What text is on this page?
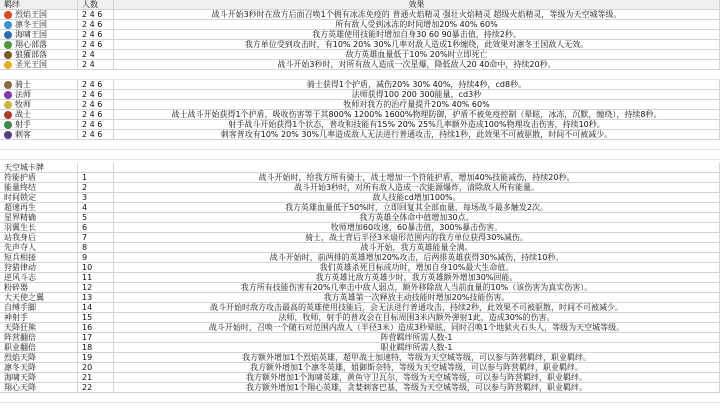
羁绊	人数	效果
烈焰王国	2 4 6	战斗开始3秒时在敌方后面召唤1个拥有冰冻免疫的 普通火焰精灵 强壮火焰精灵 超级火焰精灵，等级为天空城等级。
凛冬王国	2 4 6	所有敌人受到冰冻的时间增加20% 40% 60%
海啸王国	2 4 6	我方英雄使用技能时增加自身30 60 90暴击值，持续2秒。
翔心部落	2 4 6	我方单位受到攻击时，有10% 20% 30%几率对敌人造成1秒缠绕，此效果对凛冬王国敌人无效。
狼獾部落	2 4	敌方英雄血量低于10% 20%时立即死亡
圣光王国	2 4	战斗开始3秒时，对所有敌人造成一次星爆，降低敌人20 40命中，持续20秒。
骑士	2 4 6	骑士获得1个护盾，减伤20% 30% 40%，持续4秒，cd8秒。
法师	2 4 6	法师获得100 200 300能量，cd3秒
牧师	2 4 6	牧师对我方的治疗量提升20% 40% 60%
战士	2 4 6	战士战斗开始获得1个护盾，吸收伤害等于其800% 1200% 1600%物理防御，护盾不被免疫控制（晕眩，冰冻，沉默，缠绕），持续8秒。
射手	2 4 6	射手战斗开始获得1个状态，普攻和技能有15% 20% 25%几率额外造成100%物理攻击伤害，持续10秒。
刺客	2 4 6	刺客普攻有10% 20% 30%几率造成敌人无法进行普通攻击，持续1秒，此效果不可被驱散，时间不可被减少。
天空城卡牌
符能护盾	1	战斗开始时，给我方所有骑士，战士增加一个符能护盾，增加40%技能减伤，持续20秒。
能量终结	2	战斗开始3秒时，对所有敌人造成一次能源爆炸，清除敌人所有能量。
时间锁定	3	敌人技能cd增加100%。
超速再生	4	我方英雄血量低于50%时，立即回复其全部血量，每场战斗最多触发2次。
星界精确	5	我方英雄全体命中值增加30点。
羽翼生长	6	牧师增加60攻速，60暴击值，300%暴击伤害。
站我身后	7	骑士，战士背后半径3米扇形范围内的我方单位获得30%减伤。
先声夺人	8	战斗开始，我方英雄能量全满。
短兵相接	9	战斗开始时，前两排的英雄增加20%攻击，后两排英雄获得30%减伤，持续10秒。
狩猎律动	10	我们英雄杀死目标成功时，增加自身10%最大生命值。
逆风斗志	11	我方英雄比敌方英雄少时，我方英雄额外增加30%回能。
粉碎器	12	我方所有技能伤害有20%几率击中敌人弱点，额外移除敌人当前血量的10%（该伤害为真实伤害）。
大天使之翼	13	我方英雄第一次释放主动技能时增加20%技能伤害。
自缚手脚	14	战斗开始时敌方攻击最高的英雄使用技能后，会无法进行普通攻击，持续2秒，此效果不可被驱散，时间不可被减少。
神射手	15	法师，牧师，射手的普攻会在目标周围3米内额外弹射1此，造成30%的伤害。
天降狂熊	16	战斗开始时，召唤一个随石对范围内敌人（半径3米）造成3秒晕眩，同时召唤1个地狱火石头人，等级为天空城等级。
阵营翻倍	17	阵营羁绊所需人数-1
职业翻倍	18	职业羁绊所需人数-1
烈焰天降	19	我方额外增加1个烈焰英雄，超甲战士加速特，等级为天空城等级，可以参与阵营羁绊，职业羁绊。
凛冬天降	20	我方额外增加1个凛冬英雄，姐御斯奈特，等级为天空城等级，可以参与阵营羁绊，职业羁绊。
海啸天降	21	我方额外增加1个海啸英雄，黄鱼守卫瓦尔，等级为天空城等级，可以参与阵营羁绊，职业羁绊。
翔心天降	22	我方额外增加1个翔心英雄，贪婪刺客巴基，等级为天空城等级，可以参与阵营羁绊，职业羁绊。
